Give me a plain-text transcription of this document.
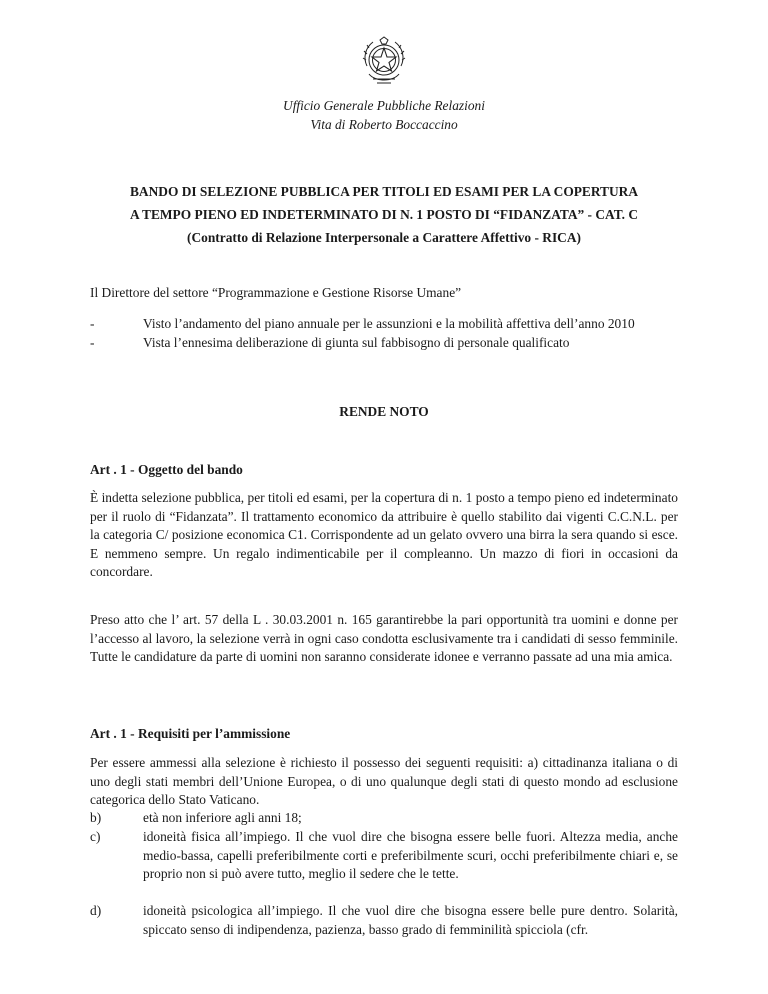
Ufficio Generale Pubbliche Relazioni
Vita di Roberto Boccaccino
BANDO DI SELEZIONE PUBBLICA PER TITOLI ED ESAMI PER LA COPERTURA
A TEMPO PIENO ED INDETERMINATO DI N. 1 POSTO DI “FIDANZATA” - CAT. C
(Contratto di Relazione Interpersonale a Carattere Affettivo - RICA)
Il Direttore del settore “Programmazione e Gestione Risorse Umane”
-	Visto l’andamento del piano annuale per le assunzioni e la mobilità affettiva dell’anno 2010
-	Vista l’ennesima deliberazione di giunta sul fabbisogno di personale qualificato
RENDE NOTO
Art . 1 - Oggetto del bando

È indetta selezione pubblica, per titoli ed esami, per la copertura di n. 1 posto a tempo pieno ed indeterminato per il ruolo di “Fidanzata”. Il trattamento economico da attribuire è quello stabilito dai vigenti C.C.N.L. per la categoria C/ posizione economica C1. Corrispondente ad un gelato ovvero una birra la sera quando si esce. E nemmeno sempre. Un regalo indimenticabile per il compleanno. Un mazzo di fiori in occasioni da concordare.

Preso atto che l’ art. 57 della L . 30.03.2001 n. 165 garantirebbe la pari opportunità tra uomini e donne per l’accesso al lavoro, la selezione verrà in ogni caso condotta esclusivamente tra i candidati di sesso femminile. Tutte le candidature da parte di uomini non saranno considerate idonee e verranno passate ad una mia amica.

Art . 1 - Requisiti per l’ammissione

Per essere ammessi alla selezione è richiesto il possesso dei seguenti requisiti: a) cittadinanza italiana o di uno degli stati membri dell’Unione Europea, o di uno qualunque degli stati di questo mondo ad esclusione categorica dello Stato Vaticano.

b)	età non inferiore agli anni 18;
c)	idoneità fisica all’impiego. Il che vuol dire che bisogna essere belle fuori. Altezza media, anche medio-bassa, capelli preferibilmente corti e preferibilmente scuri, occhi preferibilmente chiari e, se proprio non si può avere tutto, meglio il sedere che le tette.
d)	idoneità psicologica all’impiego. Il che vuol dire che bisogna essere belle pure dentro. Solarità, spiccato senso di indipendenza, pazienza, basso grado di femminilità spicciola (cfr.
